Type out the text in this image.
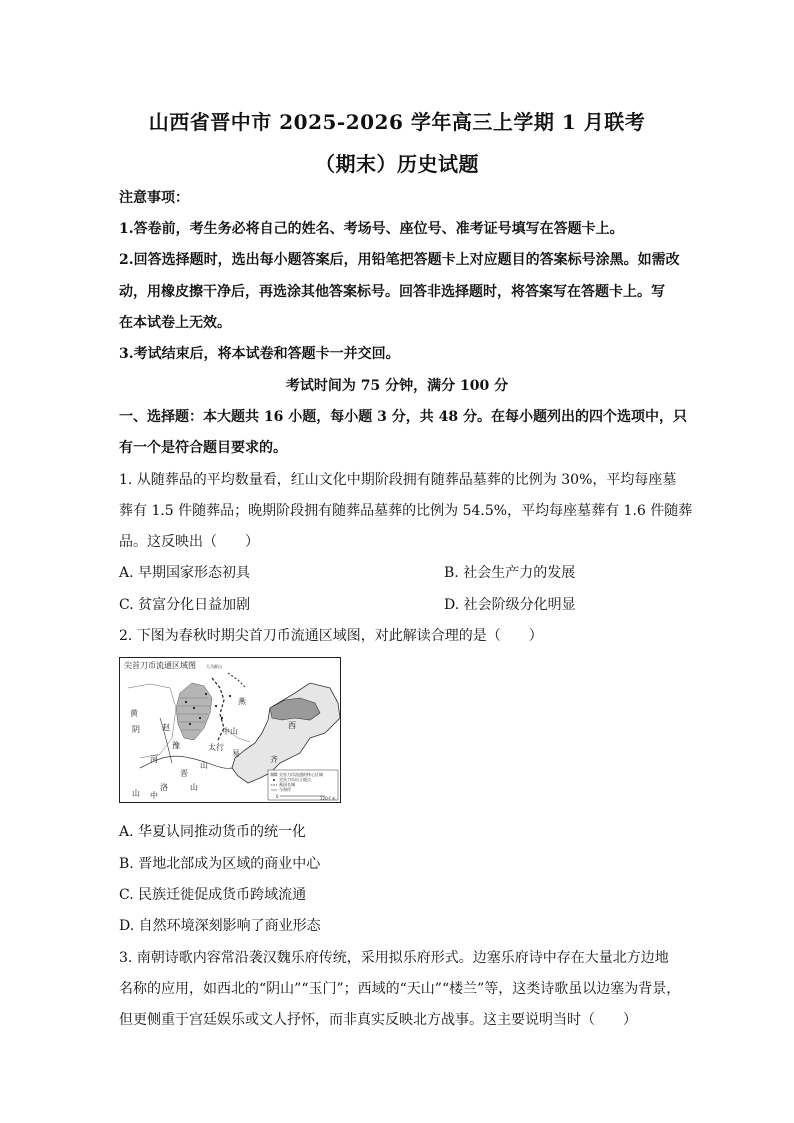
山西省晋中市 2025-2026 学年高三上学期 1 月联考
（期末）历史试题
注意事项：
1.答卷前，考生务必将自己的姓名、考场号、座位号、准考证号填写在答题卡上。
2.回答选择题时，选出每小题答案后，用铅笔把答题卡上对应题目的答案标号涂黑。如需改
动，用橡皮擦干净后，再选涂其他答案标号。回答非选择题时，将答案写在答题卡上。写
在本试卷上无效。
3.考试结束后，将本试卷和答题卡一并交回。
考试时间为 75 分钟，满分 100 分
一、选择题：本大题共 16 小题，每小题 3 分，共 48 分。在每小题列出的四个选项中，只
有一个是符合题目要求的。
1. 从随葬品的平均数量看，红山文化中期阶段拥有随葬品墓葬的比例为 30%，平均每座墓
葬有 1.5 件随葬品；晚期阶段拥有随葬品墓葬的比例为 54.5%，平均每座墓葬有 1.6 件随葬
品。这反映出（　　）
A. 早期国家形态初具	B. 社会生产力的发展
C. 贫富分化日益加剧	D. 社会阶级分化明显
2. 下图为春秋时期尖首刀币流通区域图，对此解读合理的是（　　）
尖首刀币流通区域图	大马群山
燕
中山
齐
晋
赵
太行
山
易
豫
河
洛
黄
阴
山
中
山
西
尖首刀币流通的核心区域
尖首刀币出土地点
燕国长城
今海岸
0	120千米
A. 华夏认同推动货币的统一化
B. 晋地北部成为区域的商业中心
C. 民族迁徙促成货币跨域流通
D. 自然环境深刻影响了商业形态
3. 南朝诗歌内容常沿袭汉魏乐府传统，采用拟乐府形式。边塞乐府诗中存在大量北方边地
名称的应用，如西北的“阴山”“玉门”；西域的“天山”“楼兰”等，这类诗歌虽以边塞为背景，
但更侧重于宫廷娱乐或文人抒怀，而非真实反映北方战事。这主要说明当时（　　）
